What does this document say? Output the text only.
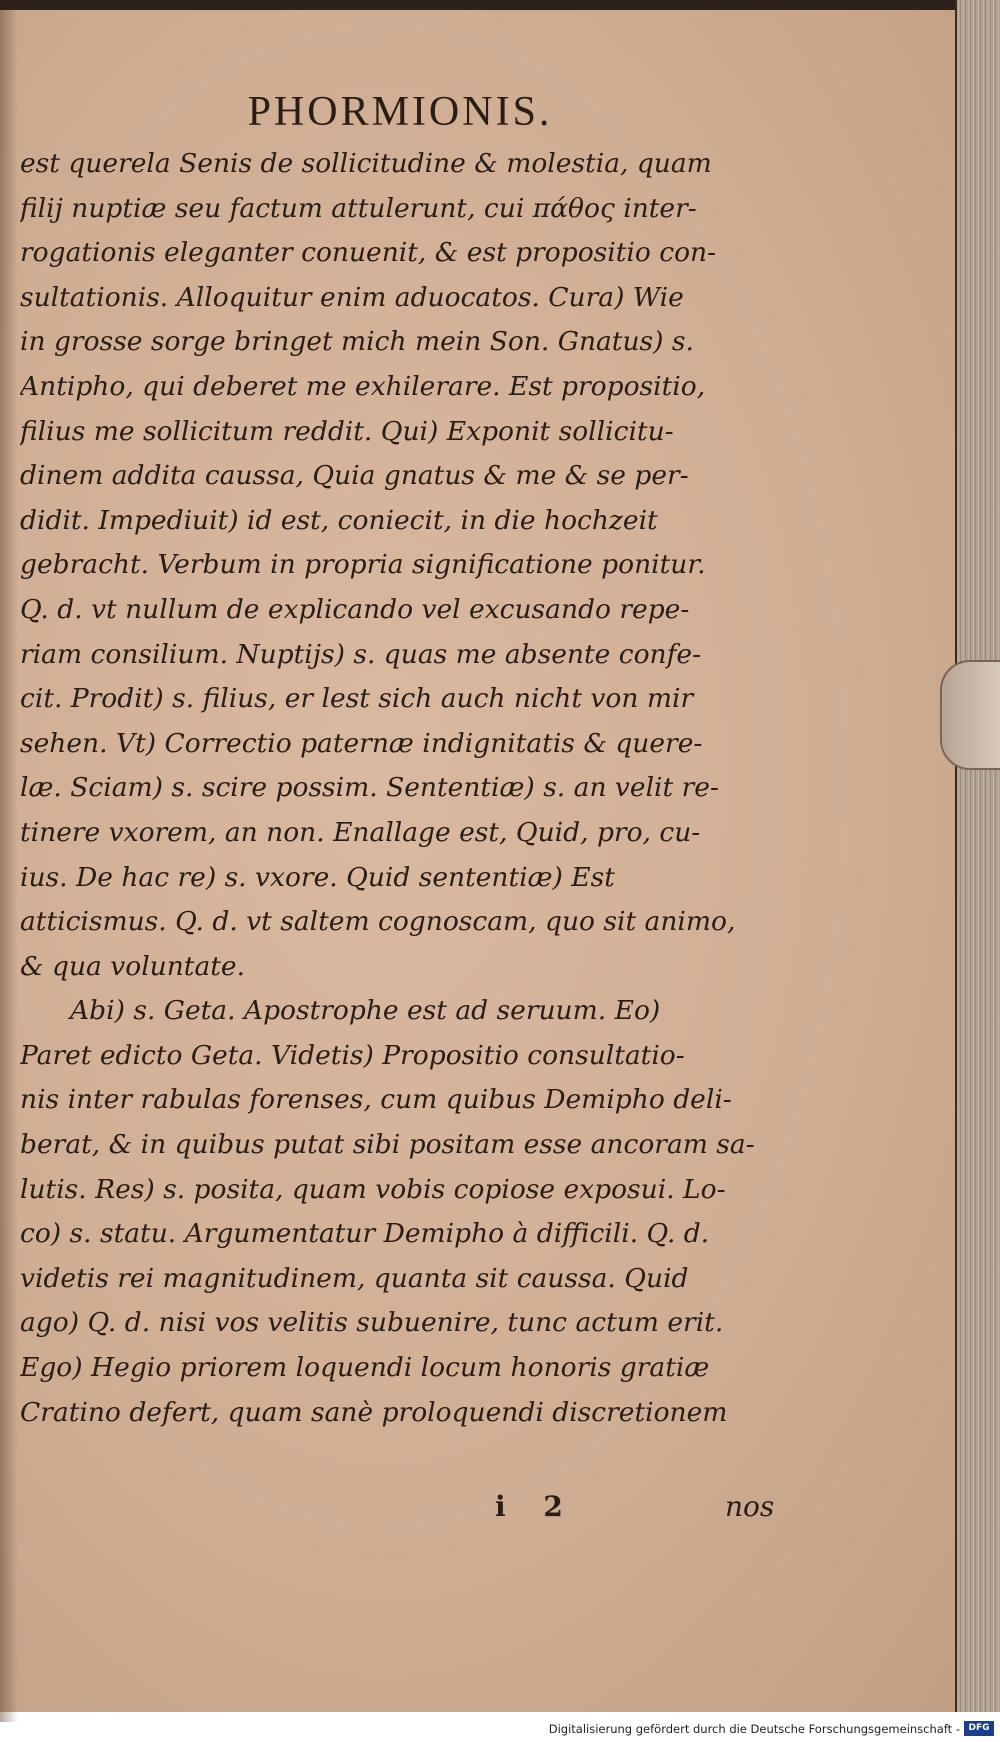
PHORMIONIS.
est querela Senis de sollicitudine & molestia, quam
filij nuptiæ seu factum attulerunt, cui πάθος inter-
rogationis eleganter conuenit, & est propositio con-
sultationis. Alloquitur enim aduocatos. Cura) Wie
in grosse sorge bringet mich mein Son. Gnatus) s.
Antipho, qui deberet me exhilerare. Est propositio,
filius me sollicitum reddit. Qui) Exponit sollicitu-
dinem addita caussa, Quia gnatus & me & se per-
didit. Impediuit) id est, coniecit, in die hochzeit
gebracht. Verbum in propria significatione ponitur.
Q. d. vt nullum de explicando vel excusando repe-
riam consilium. Nuptijs) s. quas me absente confe-
cit. Prodit) s. filius, er lest sich auch nicht von mir
sehen. Vt) Correctio paternæ indignitatis & quere-
læ. Sciam) s. scire possim. Sententiæ) s. an velit re-
tinere vxorem, an non. Enallage est, Quid, pro, cu-
ius. De hac re) s. vxore. Quid sententiæ) Est
atticismus. Q. d. vt saltem cognoscam, quo sit animo,
& qua voluntate.
Abi) s. Geta. Apostrophe est ad seruum. Eo)
Paret edicto Geta. Videtis) Propositio consultatio-
nis inter rabulas forenses, cum quibus Demipho deli-
berat, & in quibus putat sibi positam esse ancoram sa-
lutis. Res) s. posita, quam vobis copiose exposui. Lo-
co) s. statu. Argumentatur Demipho à difficili. Q. d.
videtis rei magnitudinem, quanta sit caussa. Quid
ago) Q. d. nisi vos velitis subuenire, tunc actum erit.
Ego) Hegio priorem loquendi locum honoris gratiæ
Cratino defert, quam sanè proloquendi discretionem
i 2	nos
Digitalisierung gefördert durch die Deutsche Forschungsgemeinschaft - DFG
